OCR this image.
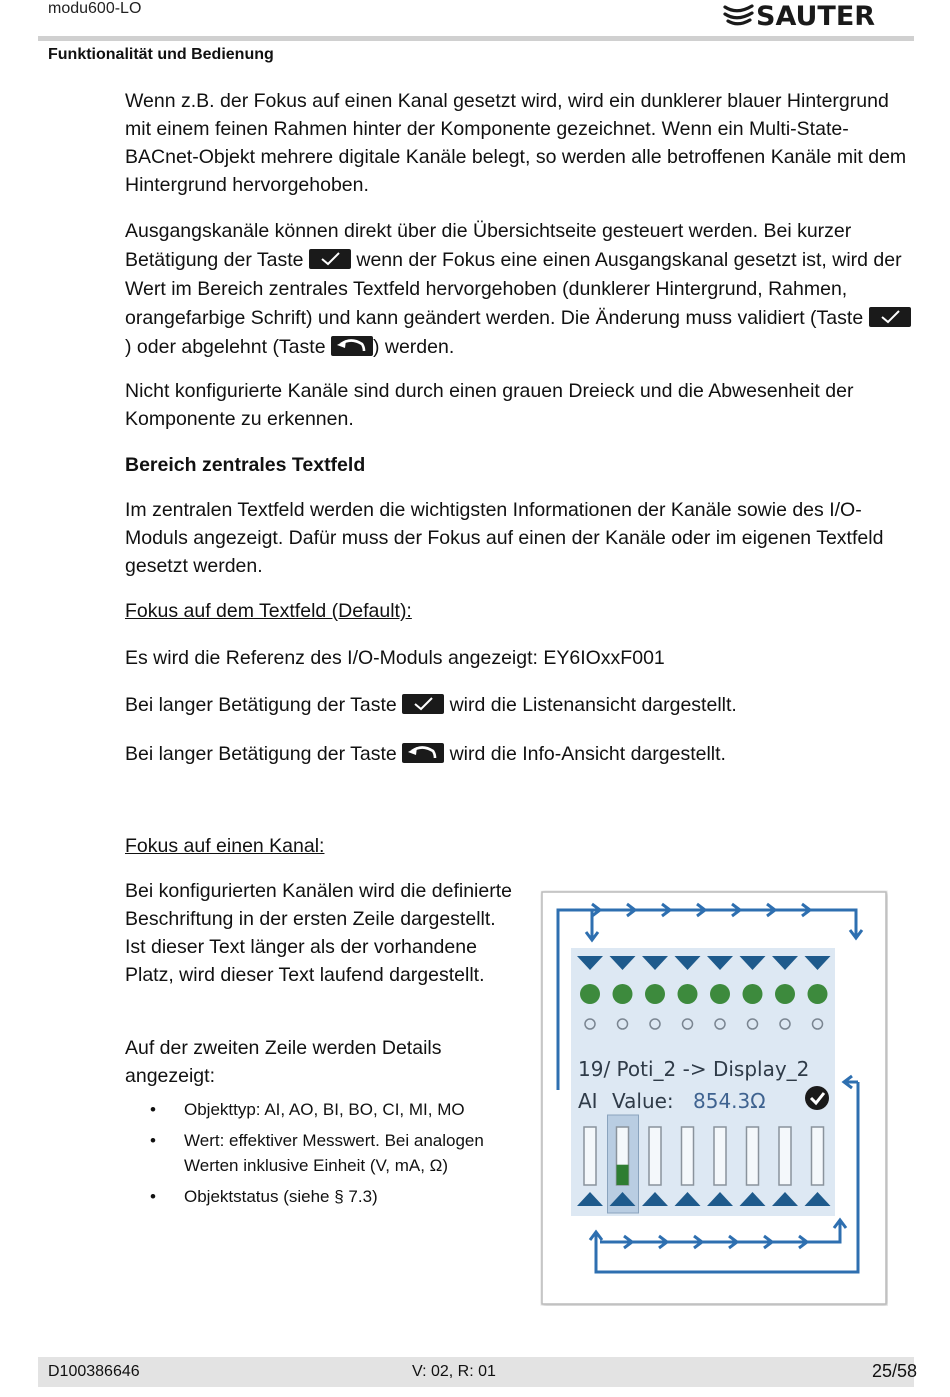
modu600-LO	SAUTER
Funktionalität und Bedienung
Wenn z.B. der Fokus auf einen Kanal gesetzt wird, wird ein dunklerer blauer Hintergrund mit einem feinen Rahmen hinter der Komponente gezeichnet. Wenn ein Multi-State-BACnet-Objekt mehrere digitale Kanäle belegt, so werden alle betroffenen Kanäle mit dem Hintergrund hervorgehoben.
Ausgangskanäle können direkt über die Übersichtseite gesteuert werden. Bei kurzer Betätigung der Taste
wenn der Fokus eine einen Ausgangskanal gesetzt ist, wird der Wert im Bereich zentrales Textfeld hervorgehoben (dunklerer Hintergrund, Rahmen, orangefarbige Schrift) und kann geändert werden. Die Änderung muss validiert (Taste
) oder abgelehnt (Taste
) werden.
Nicht konfigurierte Kanäle sind durch einen grauen Dreieck und die Abwesenheit der Komponente zu erkennen.
Bereich zentrales Textfeld
Im zentralen Textfeld werden die wichtigsten Informationen der Kanäle sowie des I/O-Moduls angezeigt. Dafür muss der Fokus auf einen der Kanäle oder im eigenen Textfeld gesetzt werden.
Fokus auf dem Textfeld (Default):
Es wird die Referenz des I/O-Moduls angezeigt: EY6IOxxF001
Bei langer Betätigung der Taste
wird die Listenansicht dargestellt.
Bei langer Betätigung der Taste
wird die Info-Ansicht dargestellt.
Fokus auf einen Kanal:
Bei konfigurierten Kanälen wird die definierte Beschriftung in der ersten Zeile dargestellt. Ist dieser Text länger als der vorhandene Platz, wird dieser Text laufend dargestellt.
Auf der zweiten Zeile werden Details angezeigt:
• Objekttyp: AI, AO, BI, BO, CI, MI, MO
• Wert: effektiver Messwert. Bei analogen Werten inklusive Einheit (V, mA, Ω)
• Objektstatus (siehe § 7.3)
19/ Poti_2 -> Display_2
AI Value: 854.3Ω
D100386646	V: 02, R: 01	25/58
